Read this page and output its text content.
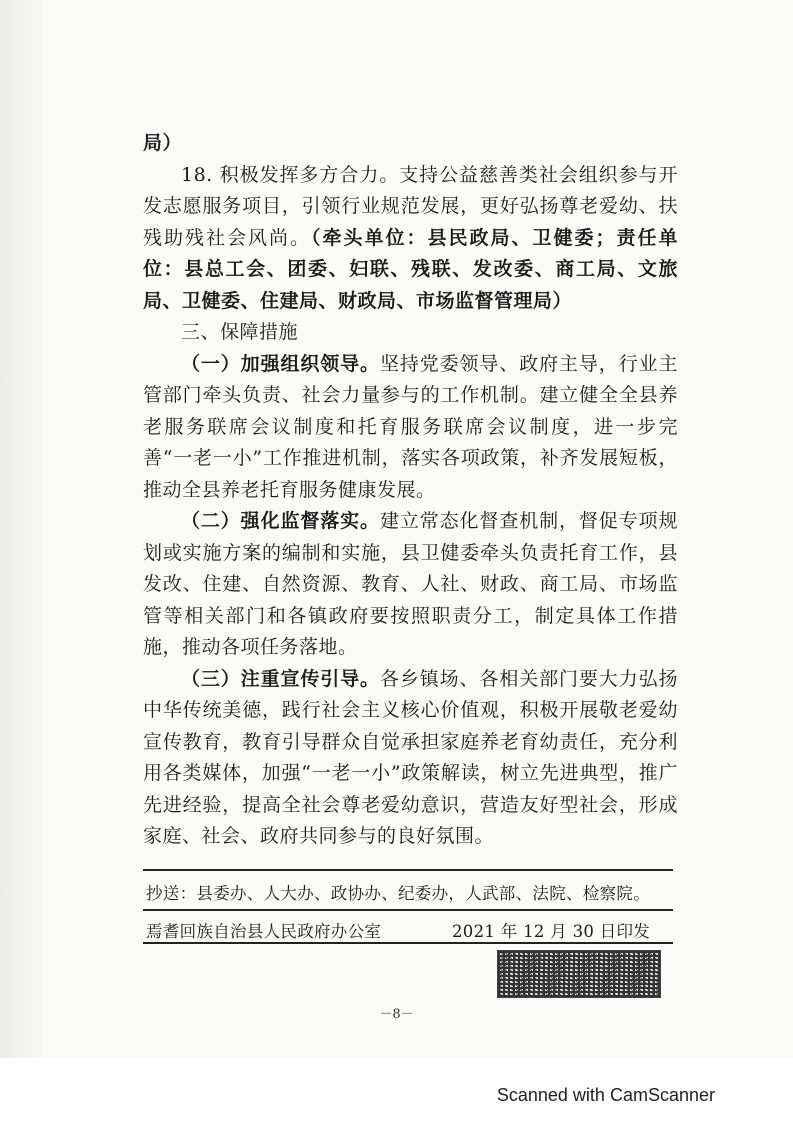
局）

18. 积极发挥多方合力。支持公益慈善类社会组织参与开发志愿服务项目，引领行业规范发展，更好弘扬尊老爱幼、扶残助残社会风尚。（牵头单位：县民政局、卫健委；责任单位：县总工会、团委、妇联、残联、发改委、商工局、文旅局、卫健委、住建局、财政局、市场监督管理局）

三、保障措施

（一）加强组织领导。坚持党委领导、政府主导，行业主管部门牵头负责、社会力量参与的工作机制。建立健全全县养老服务联席会议制度和托育服务联席会议制度，进一步完善“一老一小”工作推进机制，落实各项政策，补齐发展短板，推动全县养老托育服务健康发展。

（二）强化监督落实。建立常态化督查机制，督促专项规划或实施方案的编制和实施，县卫健委牵头负责托育工作，县发改、住建、自然资源、教育、人社、财政、商工局、市场监管等相关部门和各镇政府要按照职责分工，制定具体工作措施，推动各项任务落地。

（三）注重宣传引导。各乡镇场、各相关部门要大力弘扬中华传统美德，践行社会主义核心价值观，积极开展敬老爱幼宣传教育，教育引导群众自觉承担家庭养老育幼责任，充分利用各类媒体，加强“一老一小”政策解读，树立先进典型，推广先进经验，提高全社会尊老爱幼意识，营造友好型社会，形成家庭、社会、政府共同参与的良好氛围。

抄送：县委办、人大办、政协办、纪委办，人武部、法院、检察院。
焉耆回族自治县人民政府办公室	2021 年 12 月 30 日印发
－8－
Scanned with CamScanner
